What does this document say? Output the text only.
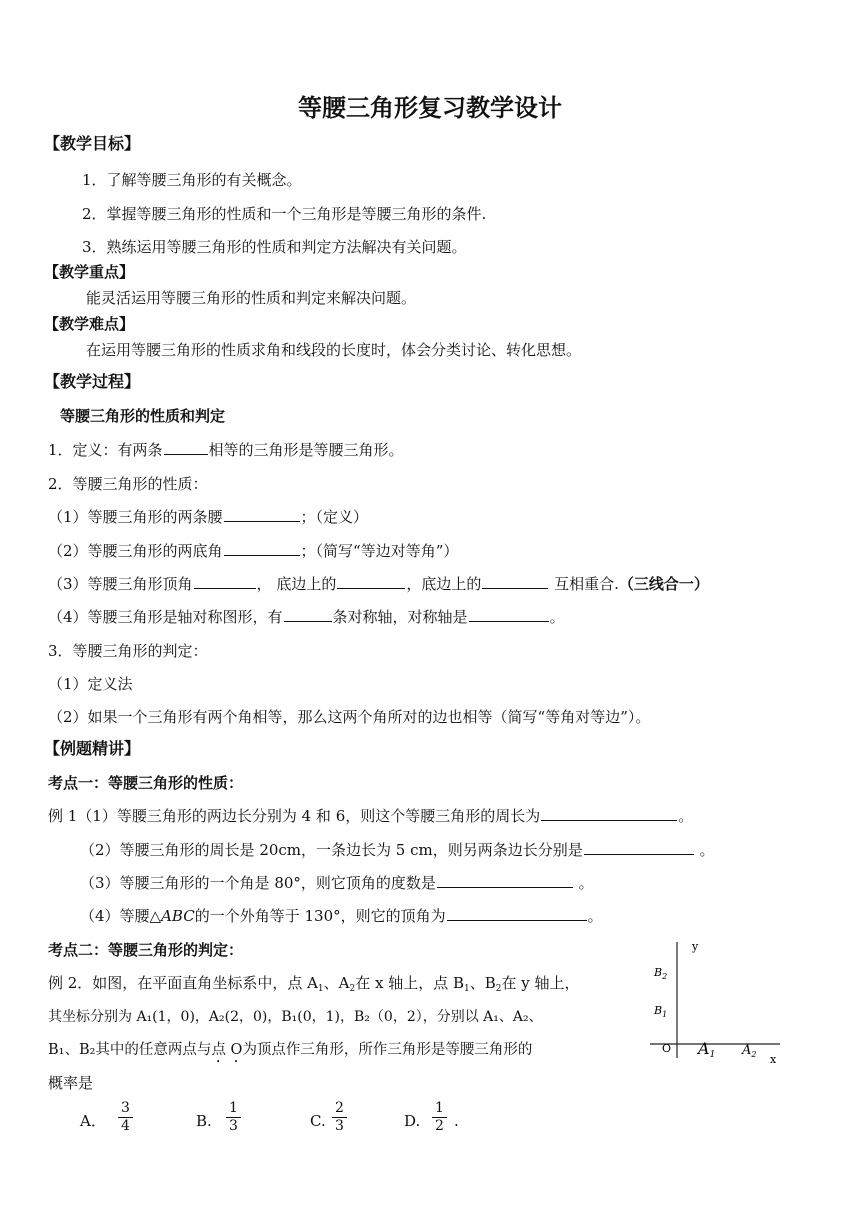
等腰三角形复习教学设计
【教学目标】
1．了解等腰三角形的有关概念。
2．掌握等腰三角形的性质和一个三角形是等腰三角形的条件.
3．熟练运用等腰三角形的性质和判定方法解决有关问题。
【教学重点】
能灵活运用等腰三角形的性质和判定来解决问题。
【教学难点】
在运用等腰三角形的性质求角和线段的长度时，体会分类讨论、转化思想。
【教学过程】
等腰三角形的性质和判定
1．定义：有两条	相等的三角形是等腰三角形。
2．等腰三角形的性质：
（1）等腰三角形的两条腰	；（定义）
（2）等腰三角形的两底角	；（简写“等边对等角”）
（3）等腰三角形顶角	， 底边上的	，底边上的	互相重合.（三线合一）
（4）等腰三角形是轴对称图形，有	条对称轴，对称轴是	。
3．等腰三角形的判定：
（1）定义法
（2）如果一个三角形有两个角相等，那么这两个角所对的边也相等（简写“等角对等边”）。
【例题精讲】
考点一：等腰三角形的性质：
例 1（1）等腰三角形的两边长分别为 4 和 6，则这个等腰三角形的周长为	。
（2）等腰三角形的周长是 20cm，一条边长为 5 cm，则另两条边长分别是	。
（3）等腰三角形的一个角是 80°，则它顶角的度数是	。
（4）等腰△ABC的一个外角等于 130°，则它的顶角为	。
考点二：等腰三角形的判定：
例 2．如图，在平面直角坐标系中，点 $A_1$、$A_2$在 x 轴上，点 $B_1$、$B_2$在 y 轴上，
其坐标分别为 A₁(1，0)，A₂(2，0)，B₁(0，1)，B₂（0，2），分别以 A₁、A₂、
B₁、B₂其中的任意两点与点 O为顶点作三角形，所作三角形是等腰三角形的
概率是
A． $\frac{3}{4}$	B. $\frac{1}{3}$	C. $\frac{2}{3}$	D. $\frac{1}{2}$ .
y
x
O
$B_2$
$B_1$
A1 $A_2$
